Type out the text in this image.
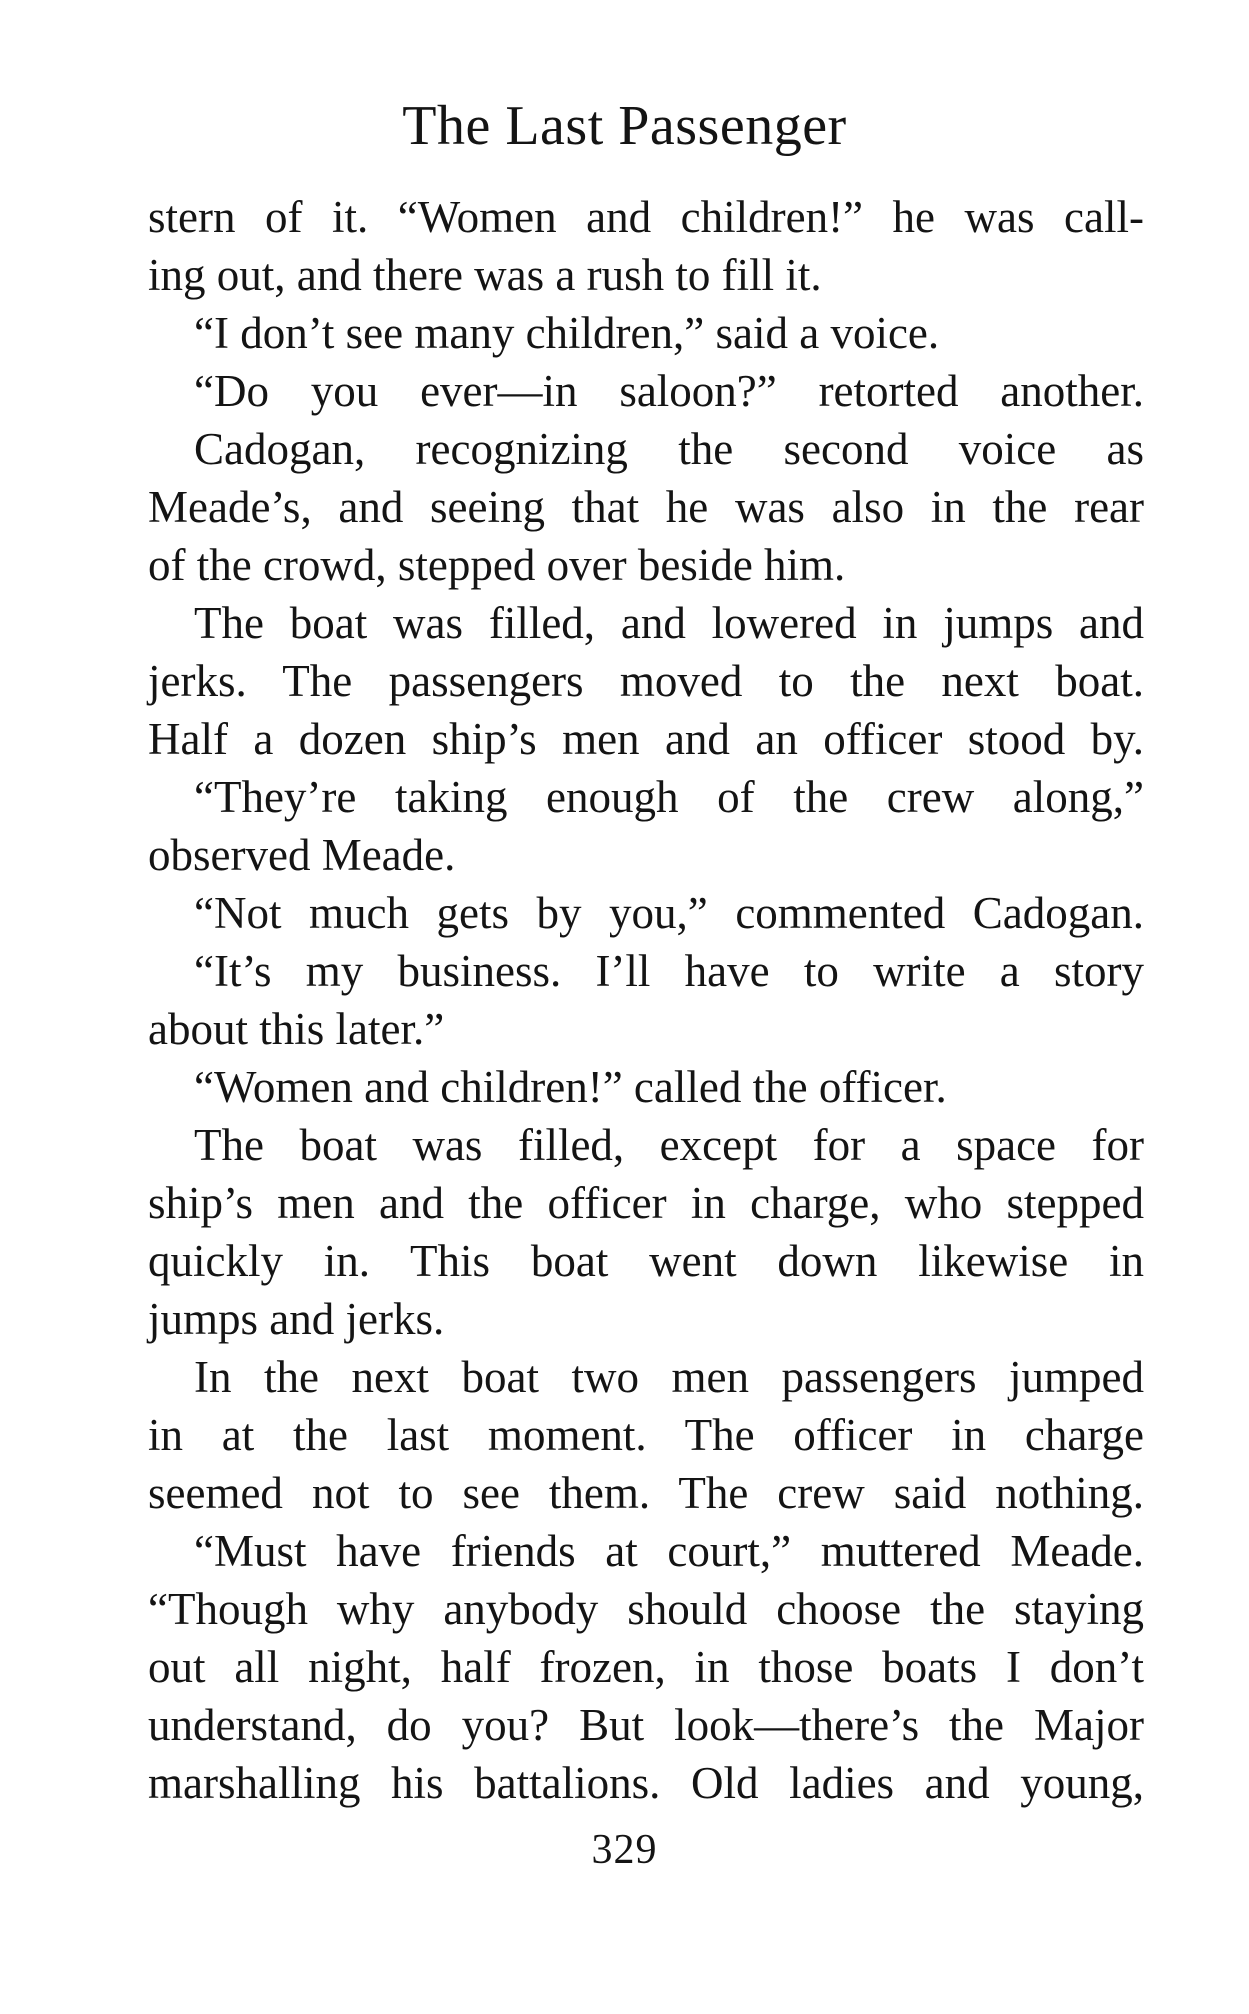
The Last Passenger
stern of it. “Women and children!” he was call-
ing out, and there was a rush to fill it.
“I don’t see many children,” said a voice.
“Do you ever—in saloon?” retorted another.
Cadogan, recognizing the second voice as
Meade’s, and seeing that he was also in the rear
of the crowd, stepped over beside him.
The boat was filled, and lowered in jumps and
jerks. The passengers moved to the next boat.
Half a dozen ship’s men and an officer stood by.
“They’re taking enough of the crew along,”
observed Meade.
“Not much gets by you,” commented Cadogan.
“It’s my business. I’ll have to write a story
about this later.”
“Women and children!” called the officer.
The boat was filled, except for a space for
ship’s men and the officer in charge, who stepped
quickly in. This boat went down likewise in
jumps and jerks.
In the next boat two men passengers jumped
in at the last moment. The officer in charge
seemed not to see them. The crew said nothing.
“Must have friends at court,” muttered Meade.
“Though why anybody should choose the staying
out all night, half frozen, in those boats I don’t
understand, do you? But look—there’s the Major
marshalling his battalions. Old ladies and young,
329
